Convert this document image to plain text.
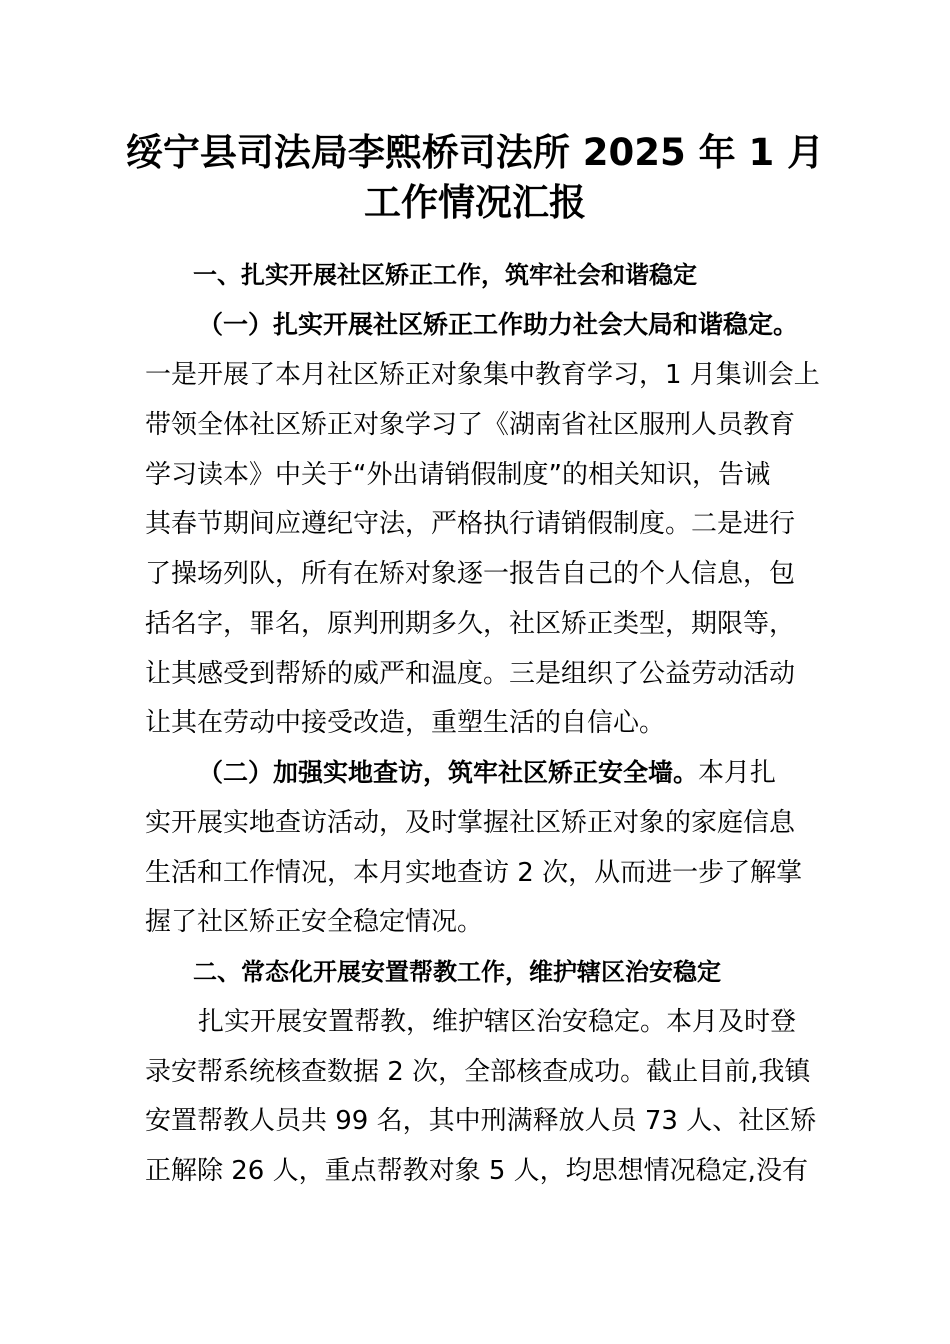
绥宁县司法局李熙桥司法所 2025 年 1 月
工作情况汇报
一、扎实开展社区矫正工作，筑牢社会和谐稳定
（一）扎实开展社区矫正工作助力社会大局和谐稳定。
一是开展了本月社区矫正对象集中教育学习，1 月集训会上
带领全体社区矫正对象学习了《湖南省社区服刑人员教育
学习读本》中关于“外出请销假制度”的相关知识，告诫
其春节期间应遵纪守法，严格执行请销假制度。二是进行
了操场列队，所有在矫对象逐一报告自己的个人信息，包
括名字，罪名，原判刑期多久，社区矫正类型，期限等，
让其感受到帮矫的威严和温度。三是组织了公益劳动活动
让其在劳动中接受改造，重塑生活的自信心。
（二）加强实地查访，筑牢社区矫正安全墙。本月扎
实开展实地查访活动，及时掌握社区矫正对象的家庭信息
生活和工作情况，本月实地查访 2 次，从而进一步了解掌
握了社区矫正安全稳定情况。
二、常态化开展安置帮教工作，维护辖区治安稳定
扎实开展安置帮教，维护辖区治安稳定。本月及时登
录安帮系统核查数据 2 次，全部核查成功。截止目前,我镇
安置帮教人员共 99 名，其中刑满释放人员 73 人、社区矫
正解除 26 人，重点帮教对象 5 人，均思想情况稳定,没有
